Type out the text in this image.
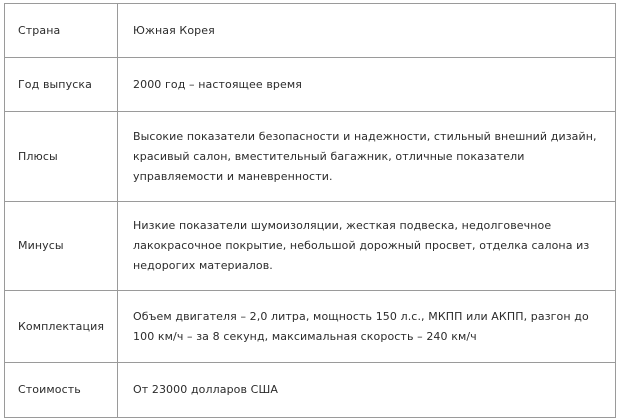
Страна	Южная Корея
Год выпуска	2000 год – настоящее время
Плюсы	Высокие показатели безопасности и надежности, стильный внешний дизайн, красивый салон, вместительный багажник, отличные показатели управляемости и маневренности.
Минусы	Низкие показатели шумоизоляции, жесткая подвеска, недолговечное лакокрасочное покрытие, небольшой дорожный просвет, отделка салона из недорогих материалов.
Комплектация	Объем двигателя – 2,0 литра, мощность 150 л.с., МКПП или АКПП, разгон до 100 км/ч – за 8 секунд, максимальная скорость – 240 км/ч
Стоимость	От 23000 долларов США
